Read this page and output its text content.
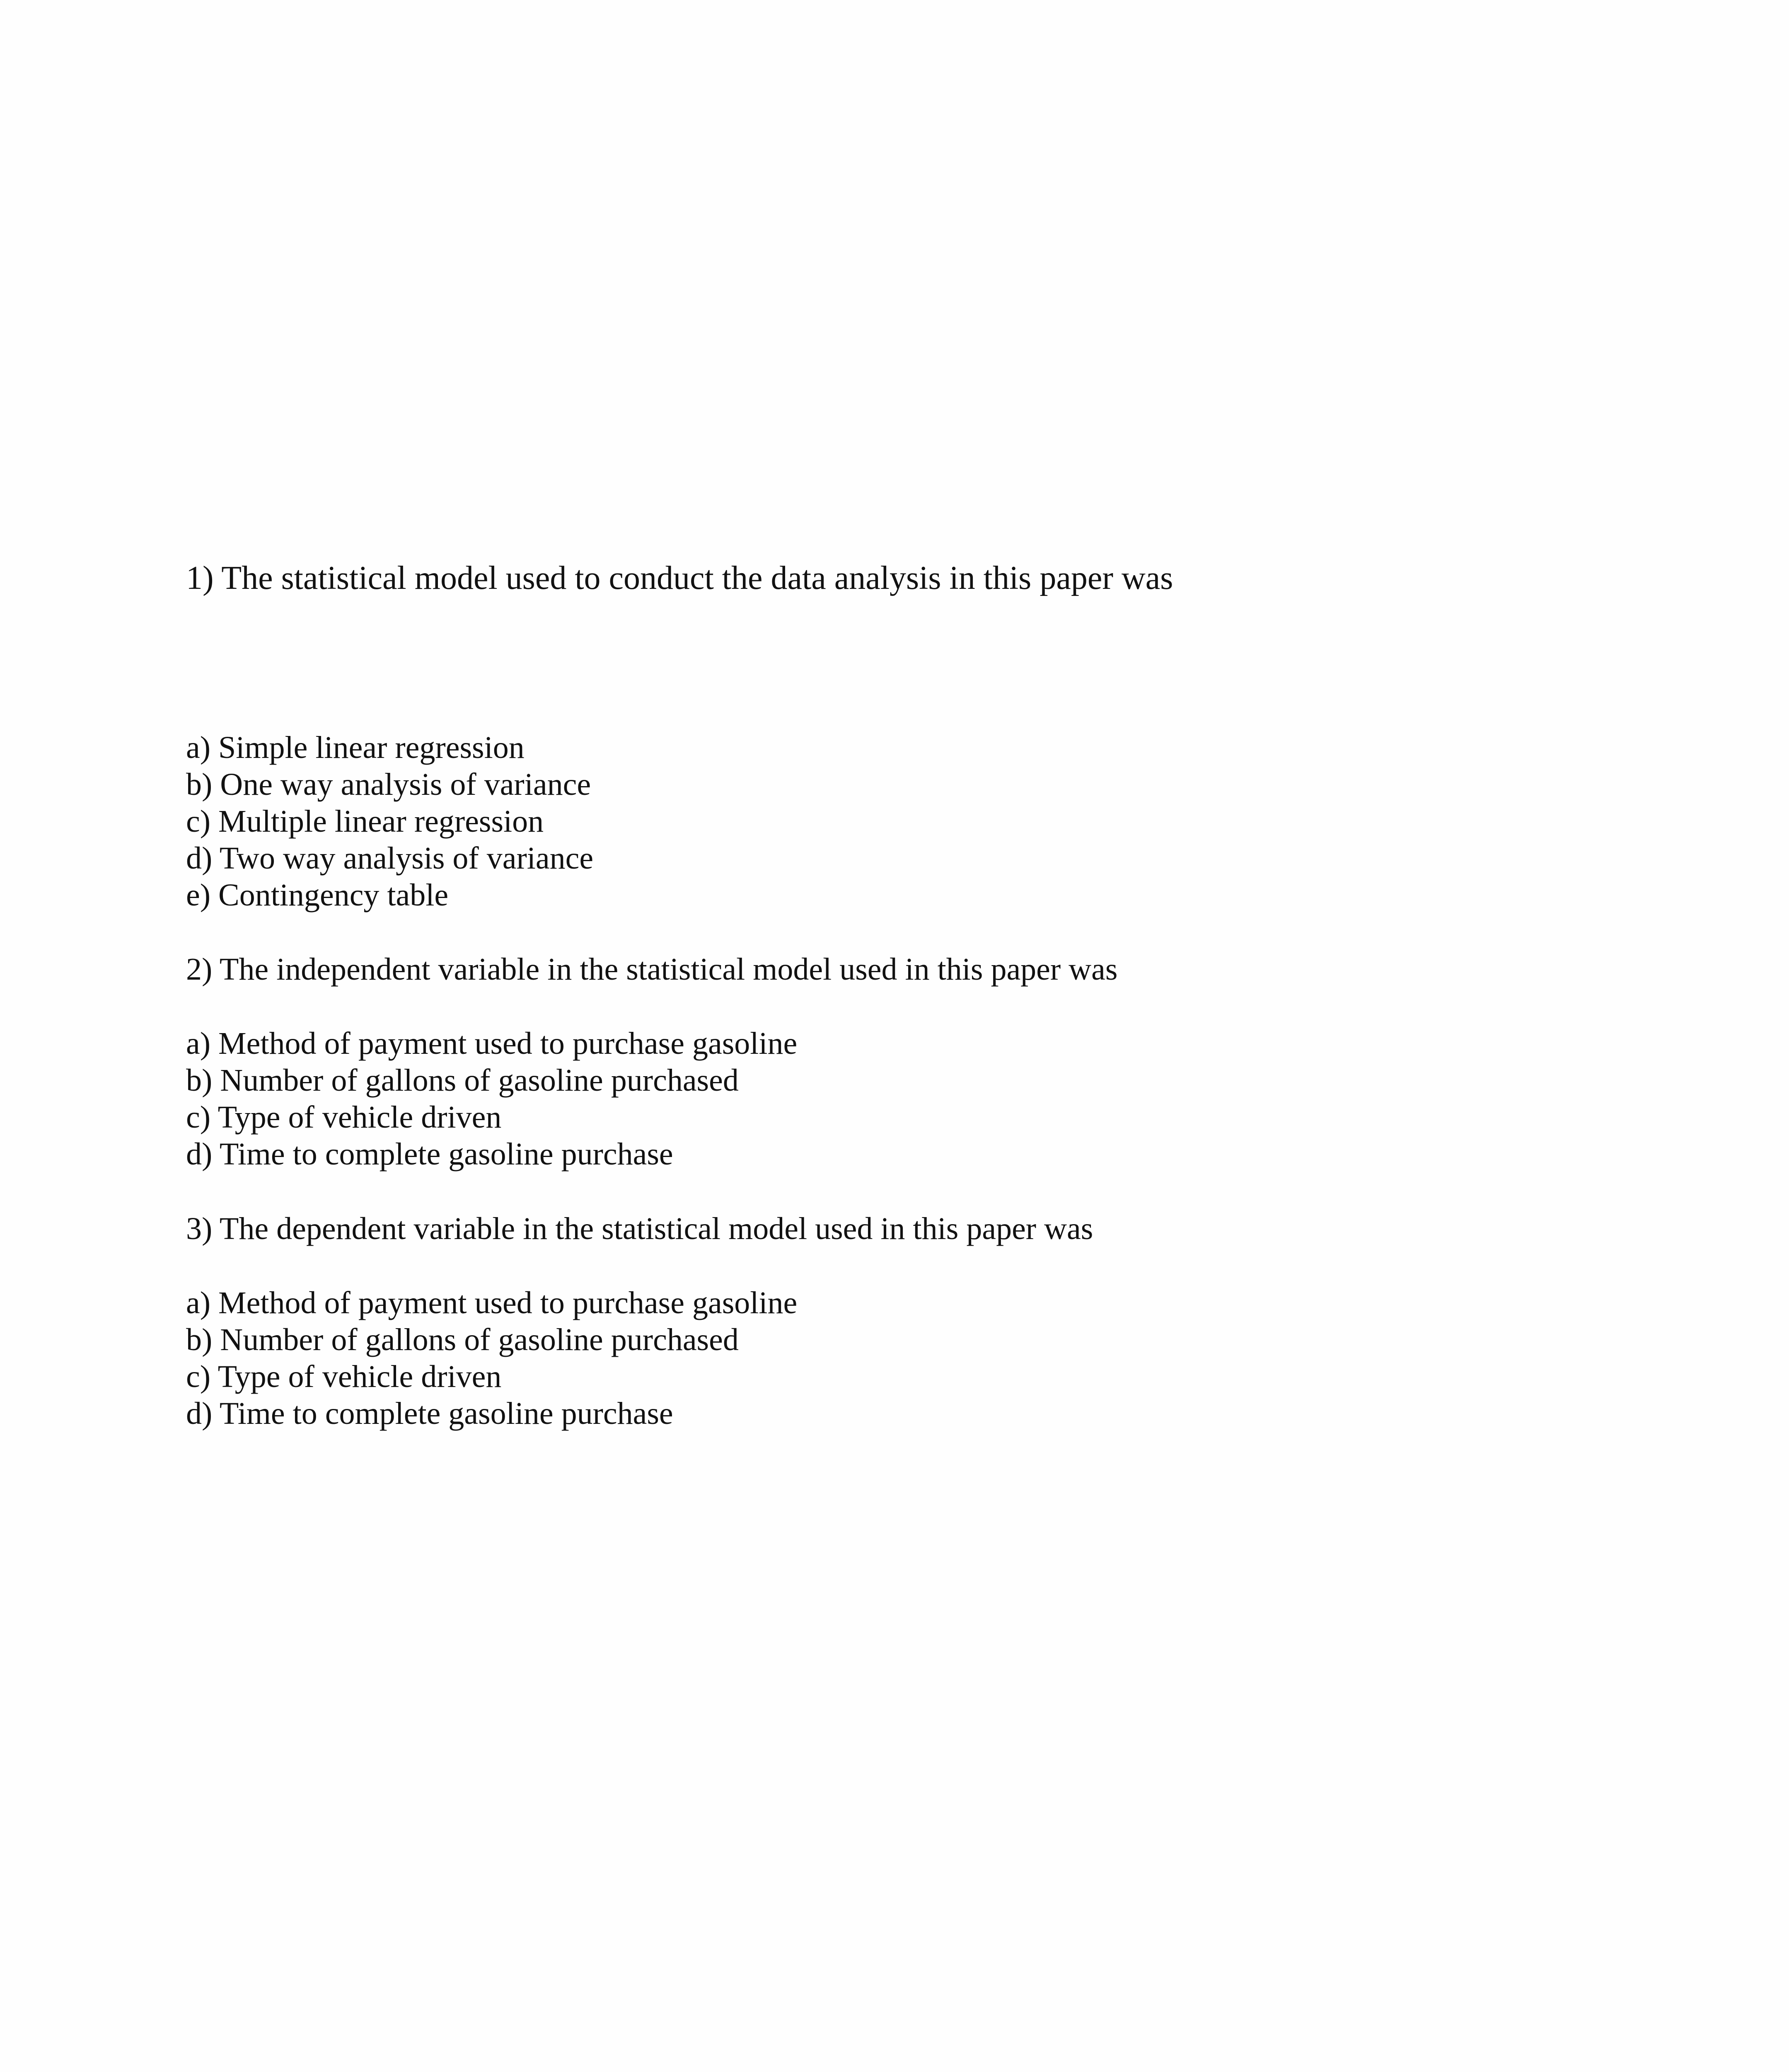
1) The statistical model used to conduct the data analysis in this paper was

a) Simple linear regression

b) One way analysis of variance

c) Multiple linear regression

d) Two way analysis of variance

e) Contingency table

2) The independent variable in the statistical model used in this paper was

a) Method of payment used to purchase gasoline

b) Number of gallons of gasoline purchased

c) Type of vehicle driven

d) Time to complete gasoline purchase

3) The dependent variable in the statistical model used in this paper was

a) Method of payment used to purchase gasoline

b) Number of gallons of gasoline purchased

c) Type of vehicle driven

d) Time to complete gasoline purchase
